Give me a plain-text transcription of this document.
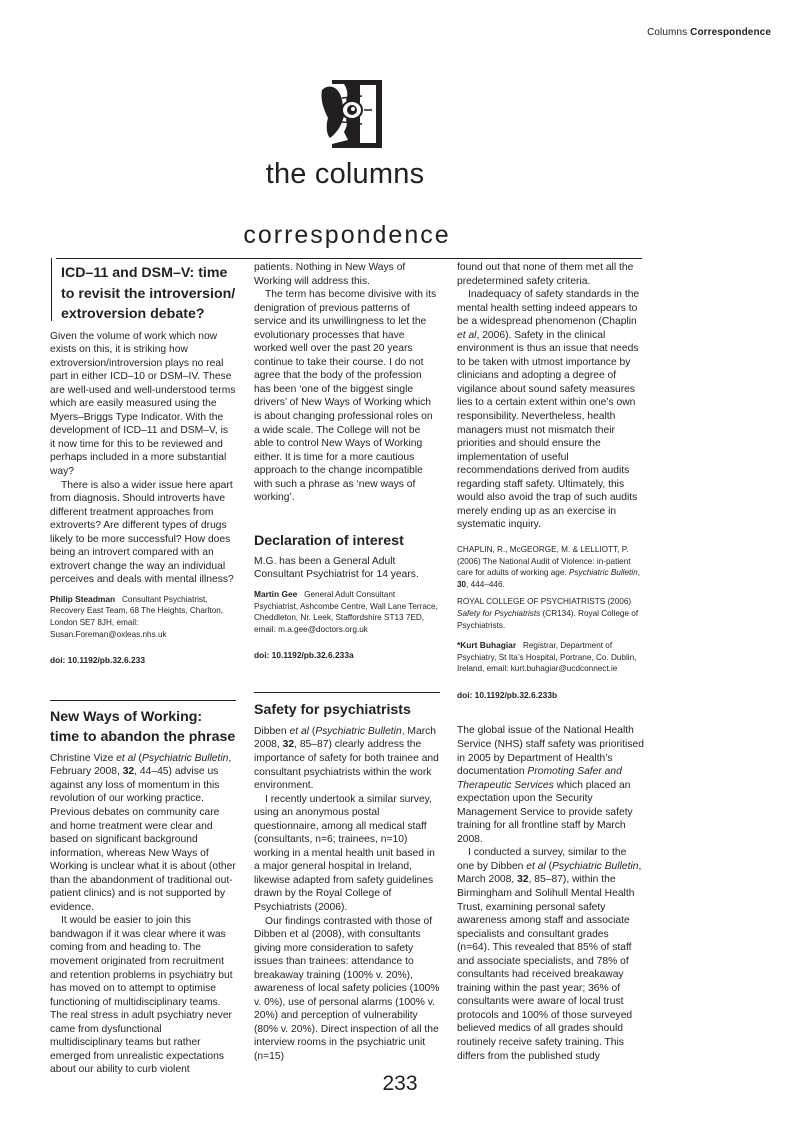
Columns Correspondence
the columns
correspondence
ICD–11 and DSM–V: time to revisit the introversion/ extroversion debate?

Given the volume of work which now exists on this, it is striking how extroversion/introversion plays no real part in either ICD–10 or DSM–IV. These are well-used and well-understood terms which are easily measured using the Myers–Briggs Type Indicator. With the development of ICD–11 and DSM–V, is it now time for this to be reviewed and perhaps included in a more substantial way?

There is also a wider issue here apart from diagnosis. Should introverts have different treatment approaches from extroverts? Are different types of drugs likely to be more successful? How does being an introvert compared with an extrovert change the way an individual perceives and deals with mental illness?

Philip Steadman Consultant Psychiatrist, Recovery East Team, 68 The Heights, Charlton, London SE7 8JH, email: Susan.Foreman@oxleas.nhs.uk
doi: 10.1192/pb.32.6.233
New Ways of Working:
time to abandon the phrase

Christine Vize et al (Psychiatric Bulletin, February 2008, 32, 44–45) advise us against any loss of momentum in this revolution of our working practice. Previous debates on community care and home treatment were clear and based on significant background information, whereas New Ways of Working is unclear what it is about (other than the abandonment of traditional out-patient clinics) and is not supported by evidence.

It would be easier to join this bandwagon if it was clear where it was coming from and heading to. The movement originated from recruitment and retention problems in psychiatry but has moved on to attempt to optimise functioning of multidisciplinary teams. The real stress in adult psychiatry never came from dysfunctional multidisciplinary teams but rather emerged from unrealistic expectations about our ability to curb violent

patients. Nothing in New Ways of Working will address this.

The term has become divisive with its denigration of previous patterns of service and its unwillingness to let the evolutionary processes that have worked well over the past 20 years continue to take their course. I do not agree that the body of the profession has been ‘one of the biggest single drivers’ of New Ways of Working which is about changing professional roles on a wide scale. The College will not be able to control New Ways of Working either. It is time for a more cautious approach to the change incompatible with such a phrase as ‘new ways of working’.

Declaration of interest

M.G. has been a General Adult Consultant Psychiatrist for 14 years.

Martin Gee General Adult Consultant Psychiatrist, Ashcombe Centre, Wall Lane Terrace, Cheddleton, Nr. Leek, Staffordshire ST13 7ED, email: m.a.gee@doctors.org.uk
doi: 10.1192/pb.32.6.233a
Safety for psychiatrists

Dibben et al (Psychiatric Bulletin, March 2008, 32, 85–87) clearly address the importance of safety for both trainee and consultant psychiatrists within the work environment.

I recently undertook a similar survey, using an anonymous postal questionnaire, among all medical staff (consultants, n=6; trainees, n=10) working in a mental health unit based in a major general hospital in Ireland, likewise adapted from safety guidelines drawn by the Royal College of Psychiatrists (2006).

Our findings contrasted with those of Dibben et al (2008), with consultants giving more consideration to safety issues than trainees: attendance to breakaway training (100% v. 20%), awareness of local safety policies (100% v. 0%), use of personal alarms (100% v. 20%) and perception of vulnerability (80% v. 20%). Direct inspection of all the interview rooms in the psychiatric unit (n=15)

found out that none of them met all the predetermined safety criteria.

Inadequacy of safety standards in the mental health setting indeed appears to be a widespread phenomenon (Chaplin et al, 2006). Safety in the clinical environment is thus an issue that needs to be taken with utmost importance by clinicians and adopting a degree of vigilance about sound safety measures lies to a certain extent within one’s own responsibility. Nevertheless, health managers must not mismatch their priorities and should ensure the implementation of useful recommendations derived from audits regarding staff safety. Ultimately, this would also avoid the trap of such audits merely ending up as an exercise in systematic inquiry.

CHAPLIN, R., McGEORGE, M. & LELLIOTT, P. (2006) The National Audit of Violence: in-patient care for adults of working age. Psychiatric Bulletin, 30, 444–446.
ROYAL COLLEGE OF PSYCHIATRISTS (2006) Safety for Psychiatrists (CR134). Royal College of Psychiatrists.
*Kurt Buhagiar Registrar, Department of Psychiatry, St Ita’s Hospital, Portrane, Co. Dublin, Ireland, email: kurt.buhagiar@ucdconnect.ie
doi: 10.1192/pb.32.6.233b

The global issue of the National Health Service (NHS) staff safety was prioritised in 2005 by Department of Health’s documentation Promoting Safer and Therapeutic Services which placed an expectation upon the Security Management Service to provide safety training for all frontline staff by March 2008.

I conducted a survey, similar to the one by Dibben et al (Psychiatric Bulletin, March 2008, 32, 85–87), within the Birmingham and Solihull Mental Health Trust, examining personal safety awareness among staff and associate specialists and consultant grades (n=64). This revealed that 85% of staff and associate specialists, and 78% of consultants had received breakaway training within the past year; 36% of consultants were aware of local trust protocols and 100% of those surveyed believed medics of all grades should routinely receive safety training. This differs from the published study

233
